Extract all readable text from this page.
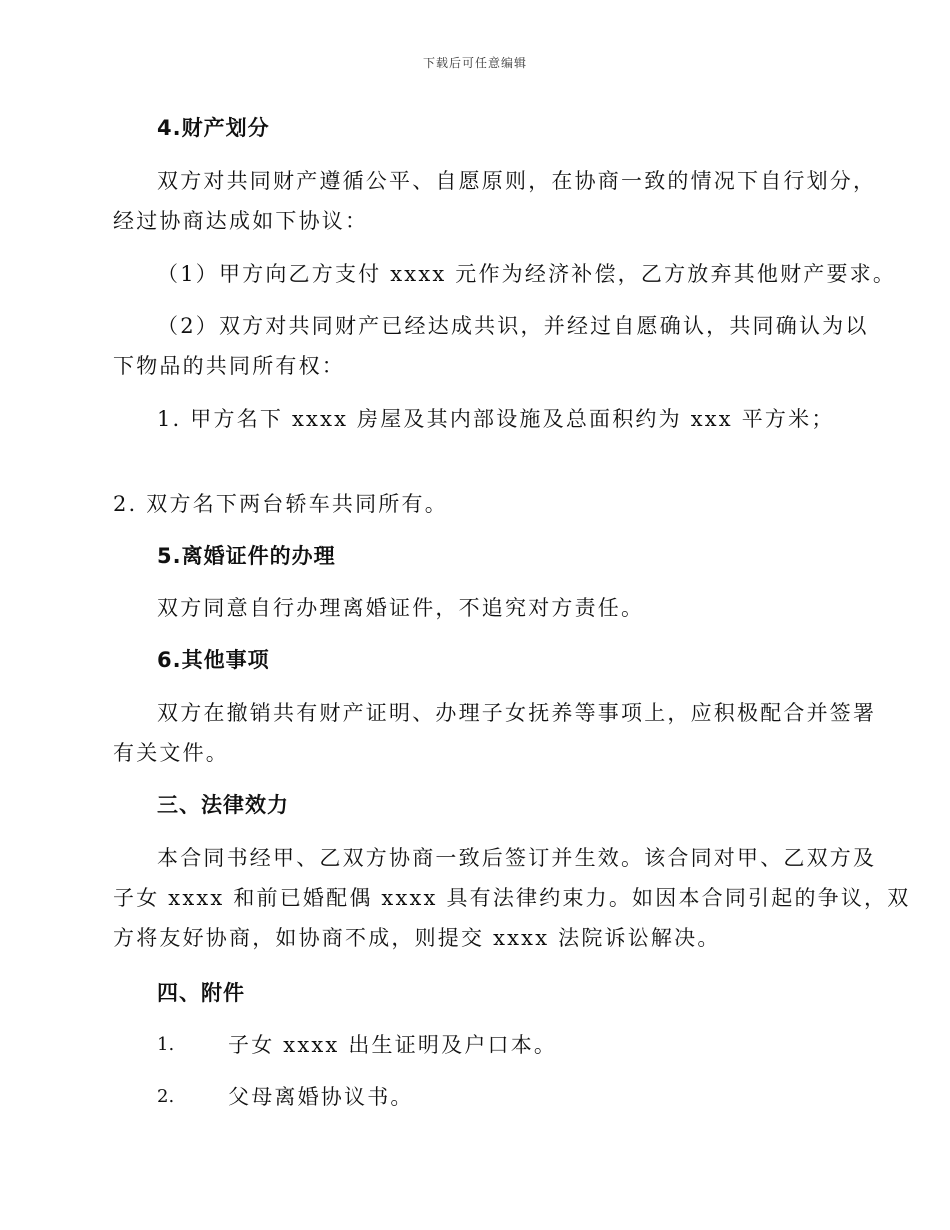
下载后可任意编辑
4.财产划分
双方对共同财产遵循公平、自愿原则，在协商一致的情况下自行划分，
经过协商达成如下协议：
（1）甲方向乙方支付 xxxx 元作为经济补偿，乙方放弃其他财产要求。
（2）双方对共同财产已经达成共识，并经过自愿确认，共同确认为以
下物品的共同所有权：
1. 甲方名下 xxxx 房屋及其内部设施及总面积约为 xxx 平方米；
2. 双方名下两台轿车共同所有。
5.离婚证件的办理
双方同意自行办理离婚证件，不追究对方责任。
6.其他事项
双方在撤销共有财产证明、办理子女抚养等事项上，应积极配合并签署
有关文件。
三、法律效力
本合同书经甲、乙双方协商一致后签订并生效。该合同对甲、乙双方及
子女 xxxx 和前已婚配偶 xxxx 具有法律约束力。如因本合同引起的争议，双
方将友好协商，如协商不成，则提交 xxxx 法院诉讼解决。
四、附件
1.	子女 xxxx 出生证明及户口本。
2.	父母离婚协议书。
